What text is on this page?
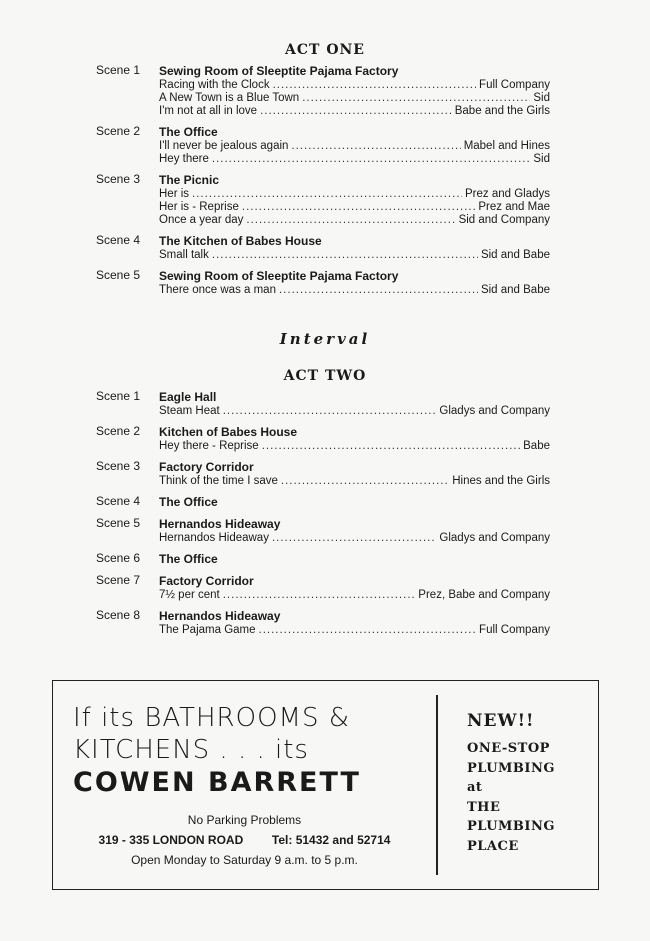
ACT ONE
Scene 1 Sewing Room of Sleeptite Pajama Factory
Racing with the Clock .....	Full Company
A New Town is a Blue Town .....	Sid
I'm not at all in love .....	Babe and the Girls
Scene 2 The Office
I'll never be jealous again .....	Mabel and Hines
Hey there .....	Sid
Scene 3 The Picnic
Her is .....	Prez and Gladys
Her is - Reprise .....	Prez and Mae
Once a year day .....	Sid and Company
Scene 4 The Kitchen of Babes House
Small talk .....	Sid and Babe
Scene 5 Sewing Room of Sleeptite Pajama Factory
There once was a man .....	Sid and Babe
Interval
ACT TWO
Scene 1 Eagle Hall
Steam Heat .....	Gladys and Company
Scene 2 Kitchen of Babes House
Hey there - Reprise .....	Babe
Scene 3 Factory Corridor
Think of the time I save .....	Hines and the Girls
Scene 4 The Office
Scene 5 Hernandos Hideaway
Hernandos Hideaway .....	Gladys and Company
Scene 6 The Office
Scene 7 Factory Corridor
7½ per cent .....	Prez, Babe and Company
Scene 8 Hernandos Hideaway
The Pajama Game .....	Full Company
If its BATHROOMS &
KITCHENS . . . its
COWEN BARRETT
No Parking Problems
319 - 335 LONDON ROAD Tel: 51432 and 52714
Open Monday to Saturday 9 a.m. to 5 p.m.
NEW!!
ONE-STOP
PLUMBING
at
THE
PLUMBING
PLACE
